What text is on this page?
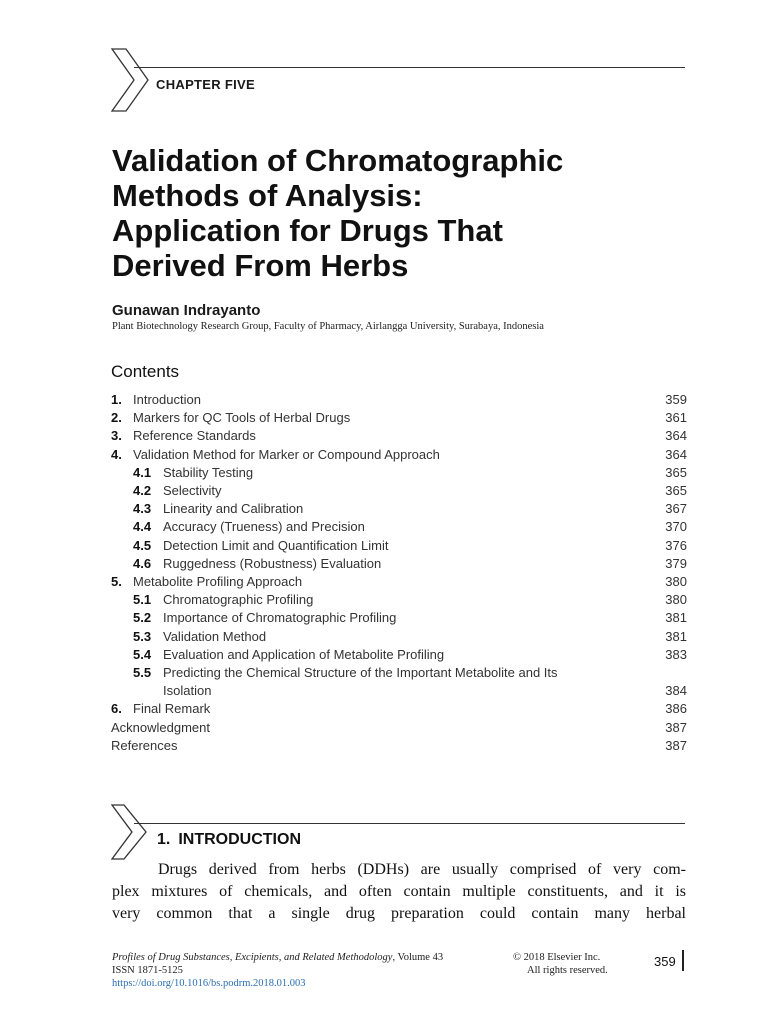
CHAPTER FIVE
Validation of Chromatographic
Methods of Analysis:
Application for Drugs That
Derived From Herbs
Gunawan Indrayanto
Plant Biotechnology Research Group, Faculty of Pharmacy, Airlangga University, Surabaya, Indonesia
Contents
1. Introduction	359
2. Markers for QC Tools of Herbal Drugs	361
3. Reference Standards	364
4. Validation Method for Marker or Compound Approach	364
4.1 Stability Testing	365
4.2 Selectivity	365
4.3 Linearity and Calibration	367
4.4 Accuracy (Trueness) and Precision	370
4.5 Detection Limit and Quantification Limit	376
4.6 Ruggedness (Robustness) Evaluation	379
5. Metabolite Profiling Approach	380
5.1 Chromatographic Profiling	380
5.2 Importance of Chromatographic Profiling	381
5.3 Validation Method	381
5.4 Evaluation and Application of Metabolite Profiling	383
5.5 Predicting the Chemical Structure of the Important Metabolite and Its
Isolation	384
6. Final Remark	386
Acknowledgment	387
References	387
1. INTRODUCTION
Drugs derived from herbs (DDHs) are usually comprised of very com-
plex mixtures of chemicals, and often contain multiple constituents, and it is
very common that a single drug preparation could contain many herbal
Profiles of Drug Substances, Excipients, and Related Methodology, Volume 43
ISSN 1871-5125
https://doi.org/10.1016/bs.podrm.2018.01.003
© 2018 Elsevier Inc.
All rights reserved.
359
